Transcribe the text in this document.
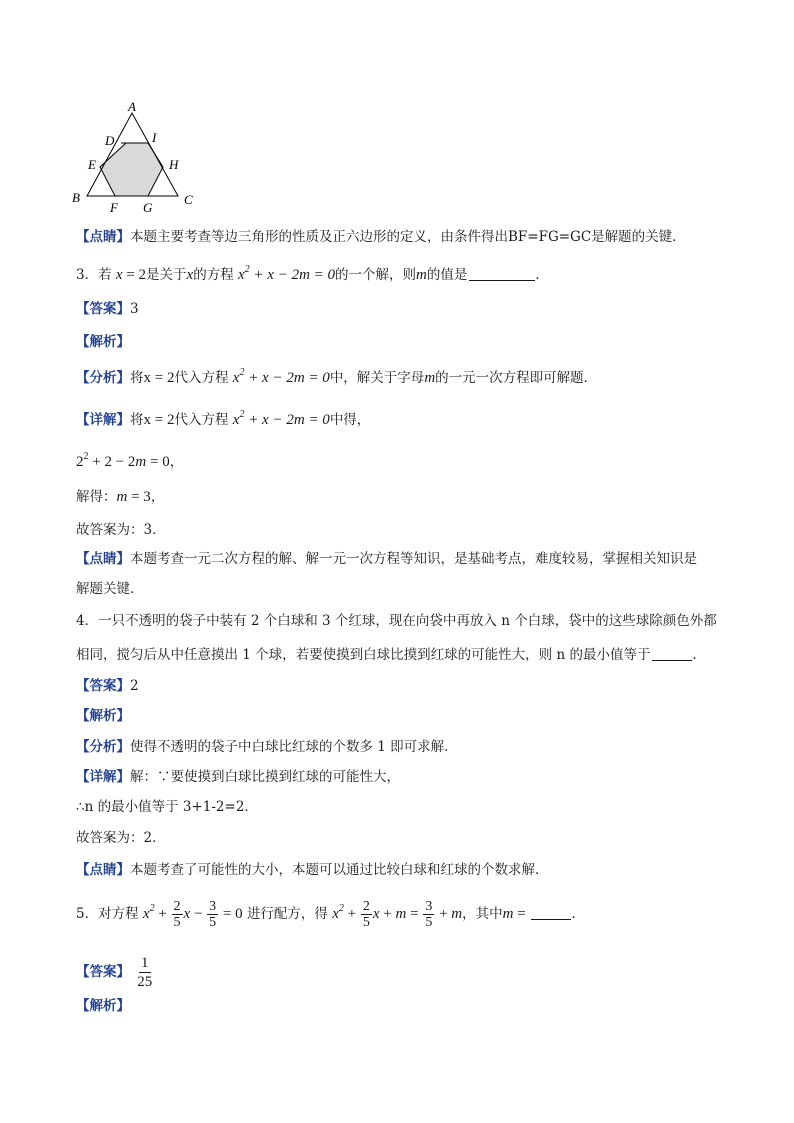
A
D	I
E	H
B
F G
C
【点睛】本题主要考查等边三角形的性质及正六边形的定义，由条件得出BF=FG=GC是解题的关键．
3．若 x = 2是关于x的方程 $x^2 + x - 2m = 0$的一个解，则m的值是	．
【答案】3
【解析】
【分析】将x = 2代入方程 $x^2 + x - 2m = 0$中，解关于字母m的一元一次方程即可解题．
【详解】将x = 2代入方程 $x^2 + x - 2m = 0$中得，
$2^2 + 2 - 2m = 0$，
解得：m = 3，
故答案为：3．
【点睛】本题考查一元二次方程的解、解一元一次方程等知识，是基础考点，难度较易，掌握相关知识是
解题关键．
4．一只不透明的袋子中装有 2 个白球和 3 个红球，现在向袋中再放入 n 个白球，袋中的这些球除颜色外都
相同，搅匀后从中任意摸出 1 个球，若要使摸到白球比摸到红球的可能性大，则 n 的最小值等于	．
【答案】2
【解析】
【分析】使得不透明的袋子中白球比红球的个数多 1 即可求解．
【详解】解：∵要使摸到白球比摸到红球的可能性大，
∴n 的最小值等于 3+1-2=2．
故答案为：2．
【点睛】本题考查了可能性的大小，本题可以通过比较白球和红球的个数求解．
5．对方程 $x^2 + \frac{2}{5}$ $x - \frac{3}{5} = 0$ 进行配方，得 $x^2 + \frac{2}{5}$ $x + m = \frac{3}{5} + m$，其中m =	．
【答案】 $\frac{1}{25}$
【解析】
